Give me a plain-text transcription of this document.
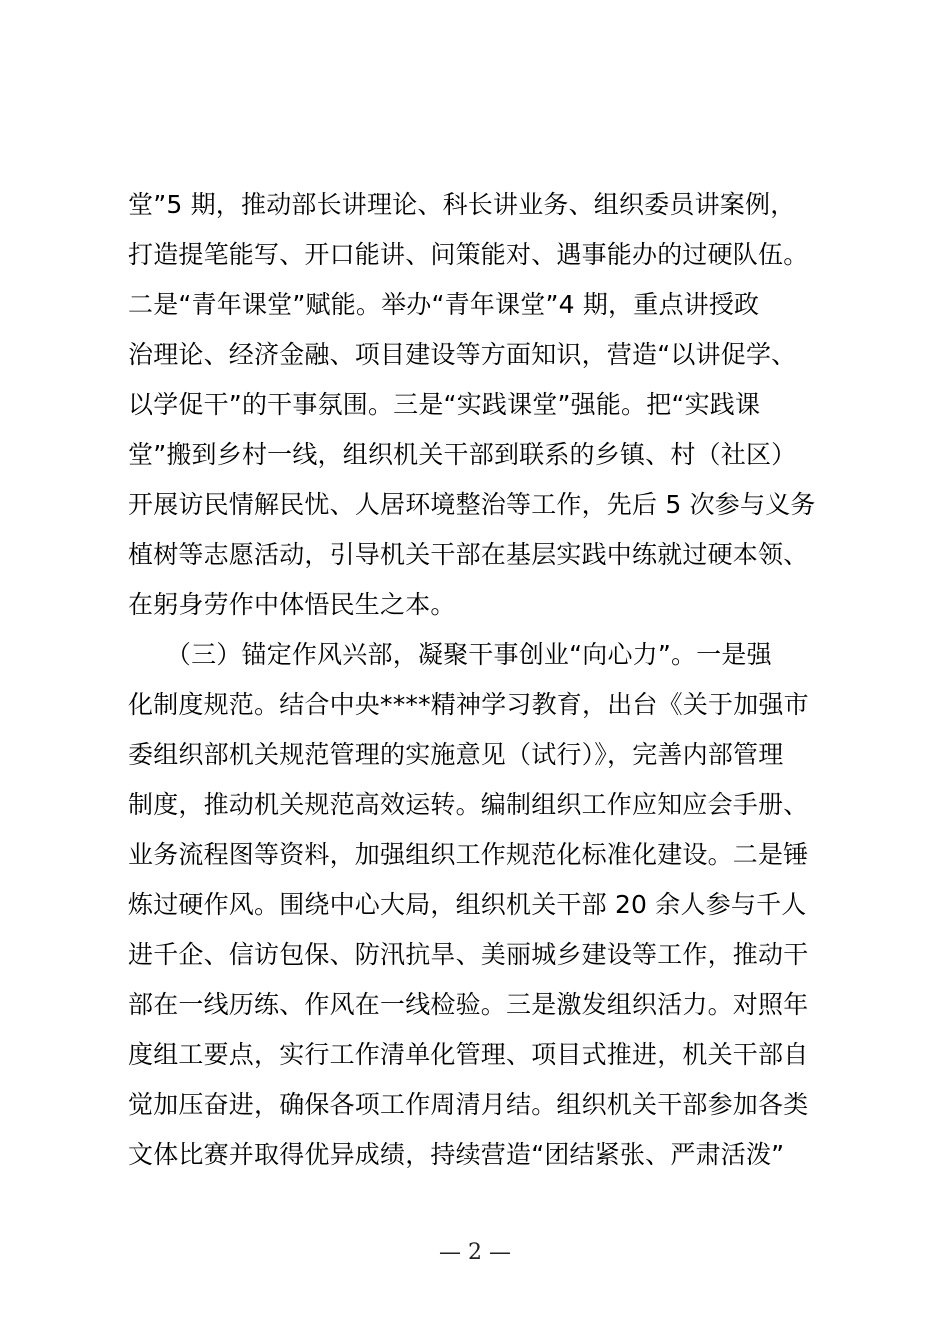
堂”5 期，推动部长讲理论、科长讲业务、组织委员讲案例，
打造提笔能写、开口能讲、问策能对、遇事能办的过硬队伍。
二是“青年课堂”赋能。举办“青年课堂”4 期，重点讲授政
治理论、经济金融、项目建设等方面知识，营造“以讲促学、
以学促干”的干事氛围。三是“实践课堂”强能。把“实践课
堂”搬到乡村一线，组织机关干部到联系的乡镇、村（社区）
开展访民情解民忧、人居环境整治等工作，先后 5 次参与义务
植树等志愿活动，引导机关干部在基层实践中练就过硬本领、
在躬身劳作中体悟民生之本。
　　（三）锚定作风兴部，凝聚干事创业“向心力”。一是强
化制度规范。结合中央****精神学习教育，出台《关于加强市
委组织部机关规范管理的实施意见（试行）》，完善内部管理
制度，推动机关规范高效运转。编制组织工作应知应会手册、
业务流程图等资料，加强组织工作规范化标准化建设。二是锤
炼过硬作风。围绕中心大局，组织机关干部 20 余人参与千人
进千企、信访包保、防汛抗旱、美丽城乡建设等工作，推动干
部在一线历练、作风在一线检验。三是激发组织活力。对照年
度组工要点，实行工作清单化管理、项目式推进，机关干部自
觉加压奋进，确保各项工作周清月结。组织机关干部参加各类
文体比赛并取得优异成绩，持续营造“团结紧张、严肃活泼”
— 2 —
